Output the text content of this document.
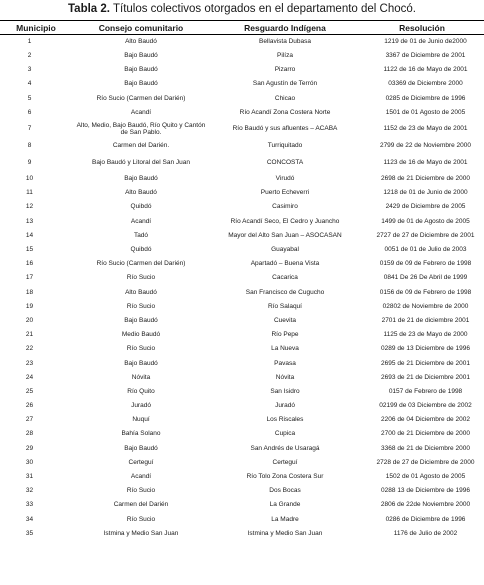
Tabla 2. Títulos colectivos otorgados en el departamento del Chocó.
Municipio	Consejo comunitario	Resguardo Indígena	Resolución
1	Alto Baudó	Bellavista Dubasa	1219 de 01 de Junio de2000
2	Bajo Baudó	Pilíza	3367 de Diciembre de 2001
3	Bajo Baudó	Pizarro	1122 de 16 de Mayo de 2001
4	Bajo Baudó	San Agustín de Terrón	03369 de Diciembre 2000
5	Río Sucio (Carmen del Darién)	Chicao	0285 de Diciembre de 1996
6	Acandí	Río Acandí Zona Costera Norte	1501 de 01 Agosto de 2005
7	Alto, Medio, Bajo Baudó, Río Quito y Cantón de San Pablo.	Río Baudó y sus afluentes – ACABA	1152 de 23 de Mayo de 2001
8	Carmen del Darién.	Turriquitado	2799 de 22 de Noviembre 2000
9	Bajo Baudó y Litoral del San Juan	CONCOSTA	1123 de 16 de Mayo de 2001
10	Bajo Baudó	Virudó	2698 de 21 Diciembre de 2000
11	Alto Baudó	Puerto Echeverri	1218 de 01 de Junio de 2000
12	Quibdó	Casimiro	2429 de Diciembre de 2005
13	Acandí	Río Acandí Seco, El Cedro y Juancho	1499 de 01 de Agosto de 2005
14	Tadó	Mayor del Alto San Juan – ASOCASAN	2727 de 27 de Diciembre de 2001
15	Quibdó	Guayabal	0051 de 01 de Julio de 2003
16	Río Sucio (Carmen del Darién)	Apartadó – Buena Vista	0159 de 09 de Febrero de 1998
17	Río Sucio	Cacarica	0841 De 26 De Abril de 1999
18	Alto Baudó	San Francisco de Cugucho	0156 de 09 de Febrero de 1998
19	Río Sucio	Río Salaquí	02802 de Noviembre de 2000
20	Bajo Baudó	Cuevita	2701 de 21 de diciembre 2001
21	Medio Baudó	Río Pepe	1125 de 23 de Mayo de 2000
22	Río Sucio	La Nueva	0289 de 13 Diciembre de 1996
23	Bajo Baudó	Pavasa	2695 de 21 Diciembre de 2001
24	Nóvita	Nóvita	2693 de 21 de Diciembre 2001
25	Río Quito	San Isidro	0157 de Febrero de 1998
26	Juradó	Juradó	02199 de 03 Diciembre de 2002
27	Nuquí	Los Riscales	2206 de 04 Diciembre de 2002
28	Bahía Solano	Cupica	2700 de 21 Diciembre de 2000
29	Bajo Baudó	San Andrés de Usaragá	3368 de 21 de Diciembre 2000
30	Certeguí	Certeguí	2728 de 27 de Diciembre de 2000
31	Acandí	Río Tolo Zona Costera Sur	1502 de 01 Agosto de 2005
32	Río Sucio	Dos Bocas	0288 13 de Diciembre de 1996
33	Carmen del Darién	La Grande	2806 de 22de Noviembre 2000
34	Río Sucio	La Madre	0286 de Diciembre de 1996
35	Istmina y Medio San Juan	Istmina y Medio San Juan	1176 de Julio de 2002
